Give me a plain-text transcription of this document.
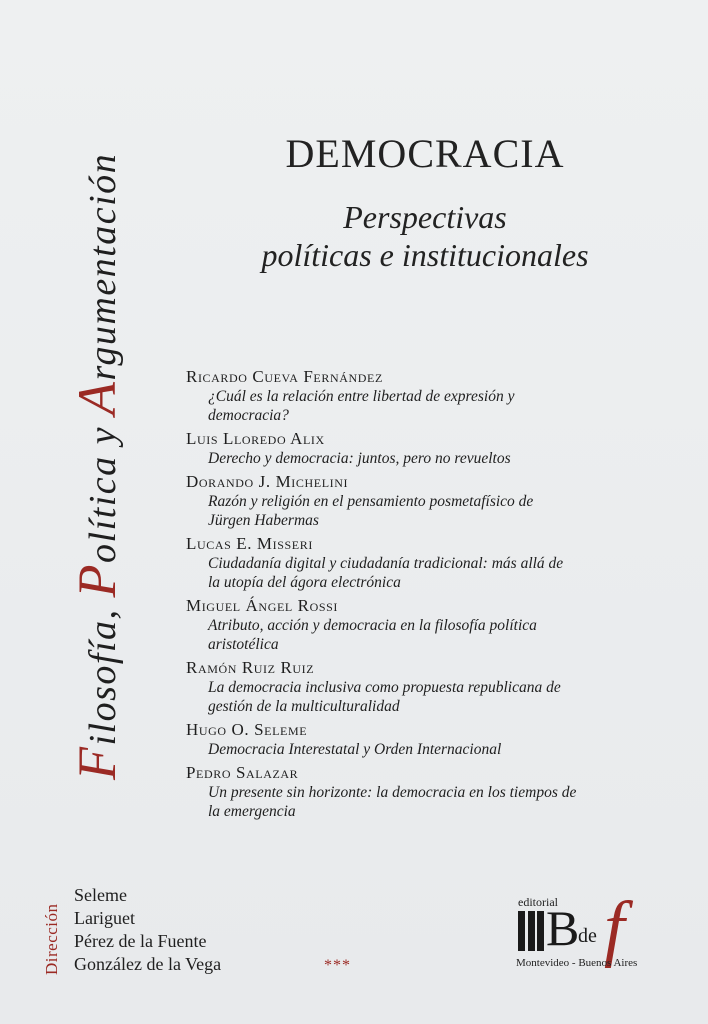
Filosofía, Política y Argumentación	DEMOCRACIA
Perspectivas
políticas e institucionales
Ricardo Cueva Fernández
¿Cuál es la relación entre libertad de expresión y
democracia?
Luis Lloredo Alix
Derecho y democracia: juntos, pero no revueltos
Dorando J. Michelini
Razón y religión en el pensamiento posmetafísico de
Jürgen Habermas
Lucas E. Misseri
Ciudadanía digital y ciudadanía tradicional: más allá de
la utopía del ágora electrónica
Miguel Ángel Rossi
Atributo, acción y democracia en la filosofía política
aristotélica
Ramón Ruiz Ruiz
La democracia inclusiva como propuesta republicana de
gestión de la multiculturalidad
Hugo O. Seleme
Democracia Interestatal y Orden Internacional
Pedro Salazar
Un presente sin horizonte: la democracia en los tiempos de
la emergencia
Dirección
Seleme
Lariguet
Pérez de la Fuente
González de la Vega	***
editorial
B
de f
Montevideo - Buenos Aires
